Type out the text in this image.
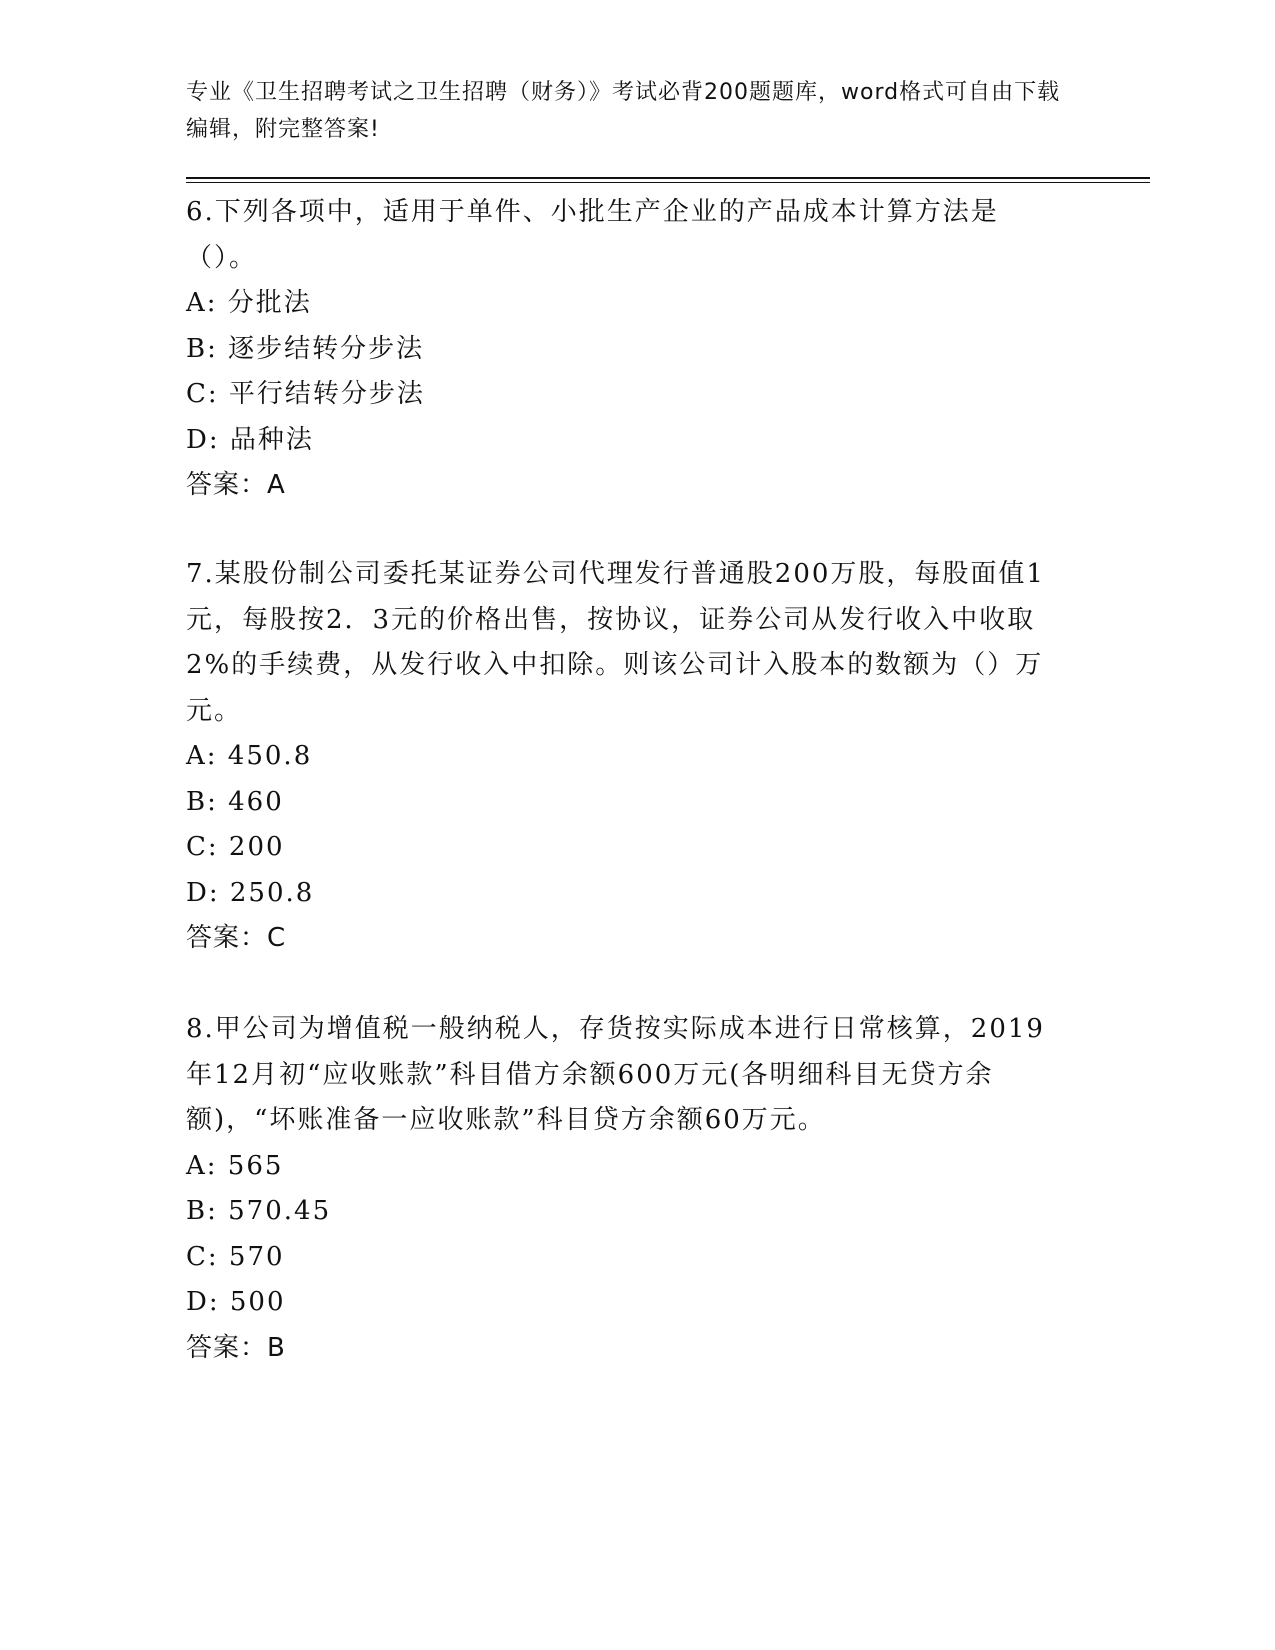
专业《卫生招聘考试之卫生招聘（财务）》考试必背200题题库，word格式可自由下载编辑，附完整答案!

6.下列各项中，适用于单件、小批生产企业的产品成本计算方法是（）。

A: 分批法

B: 逐步结转分步法

C: 平行结转分步法

D: 品种法

答案：A

7.某股份制公司委托某证券公司代理发行普通股200万股，每股面值1元，每股按2．3元的价格出售，按协议，证券公司从发行收入中收取2%的手续费，从发行收入中扣除。则该公司计入股本的数额为（）万元。

A: 450.8

B: 460

C: 200

D: 250.8

答案：C

8.甲公司为增值税一般纳税人，存货按实际成本进行日常核算，2019年12月初“应收账款”科目借方余额600万元(各明细科目无贷方余额)，“坏账准备一应收账款”科目贷方余额60万元。

A: 565

B: 570.45

C: 570

D: 500

答案：B
